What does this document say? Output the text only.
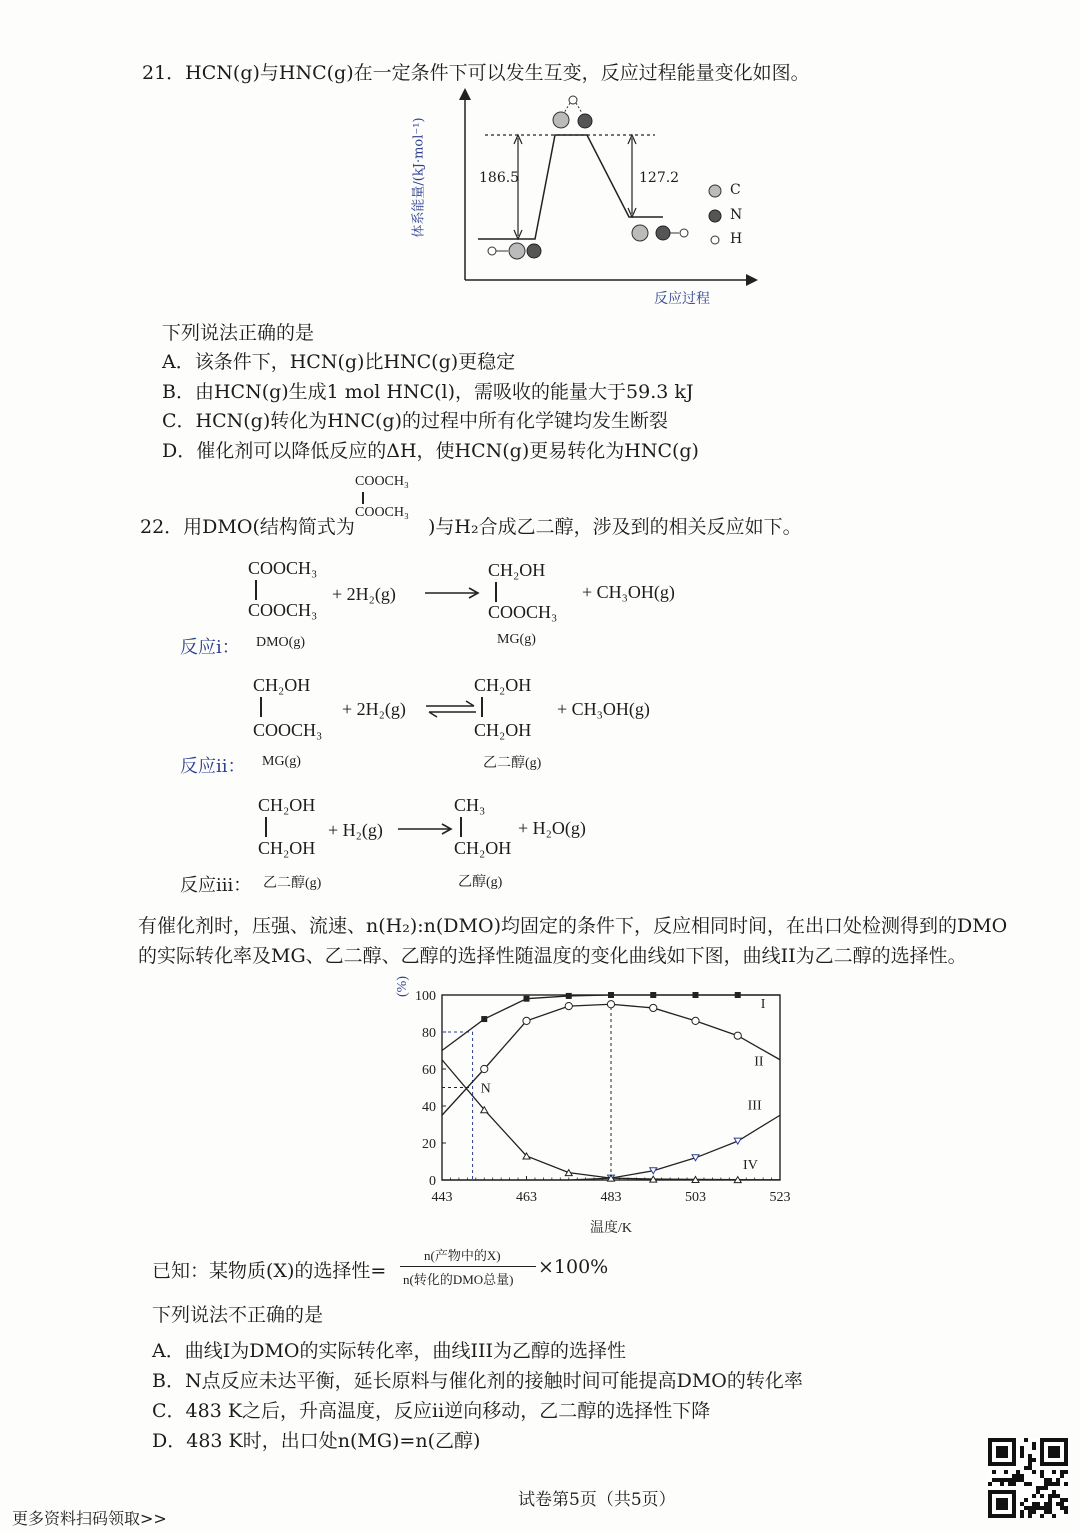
21．HCN(g)与HNC(g)在一定条件下可以发生互变，反应过程能量变化如图。
体系能量/(kJ·mol⁻¹)	186.5	127.2
C
N
H
反应过程
下列说法正确的是
A．该条件下，HCN(g)比HNC(g)更稳定
B．由HCN(g)生成1 mol HNC(l)，需吸收的能量大于59.3 kJ
C．HCN(g)转化为HNC(g)的过程中所有化学键均发生断裂
D．催化剂可以降低反应的ΔH，使HCN(g)更易转化为HNC(g)
COOCH₃
22．用DMO(结构简式为
COOCH₃
)与H₂合成乙二醇，涉及到的相关反应如下。
COOCH₃
COOCH₃
+ 2H₂(g)
CH₂OH
COOCH₃
+ CH₃OH(g)
反应i： DMO(g)	MG(g)
CH₂OH
COOCH₃
+ 2H₂(g)
CH₂OH
CH₂OH
+ CH₃OH(g)
反应ii： MG(g)	乙二醇(g)
CH₂OH
CH₂OH
+ H₂(g)
CH₃
CH₂OH
+ H₂O(g)
反应iii： 乙二醇(g)	乙醇(g)
有催化剂时，压强、流速、n(H₂):n(DMO)均固定的条件下，反应相同时间，在出口处检测得到的DMO
的实际转化率及MG、乙二醇、乙醇的选择性随温度的变化曲线如下图，曲线II为乙二醇的选择性。
443	463	483	503	523
0
20
40
60
80
100
(%)
温度/K
N
I
II
III
IV
已知：某物质(X)的选择性=
n(产物中的X)
n(转化的DMO总量)
×100%
下列说法不正确的是
A．曲线I为DMO的实际转化率，曲线III为乙醇的选择性
B．N点反应未达平衡，延长原料与催化剂的接触时间可能提高DMO的转化率
C．483 K之后，升高温度，反应ii逆向移动，乙二醇的选择性下降
D．483 K时，出口处n(MG)=n(乙醇)
试卷第5页（共5页）
更多资料扫码领取>>
